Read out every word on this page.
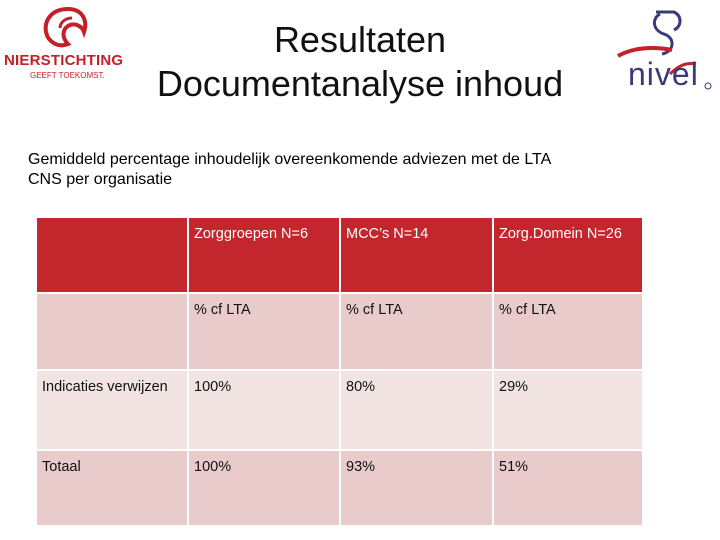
NIERSTICHTING
GEEFT TOEKOMST.
Resultaten
Documentanalyse inhoud	nivel
Gemiddeld percentage inhoudelijk overeenkomende adviezen met de LTA
CNS per organisatie
	Zorggroepen N=6	MCC’s N=14	Zorg.Domein N=26
	% cf LTA	% cf LTA	% cf LTA
Indicaties verwijzen	100%	80%	29%
Totaal	100%	93%	51%
